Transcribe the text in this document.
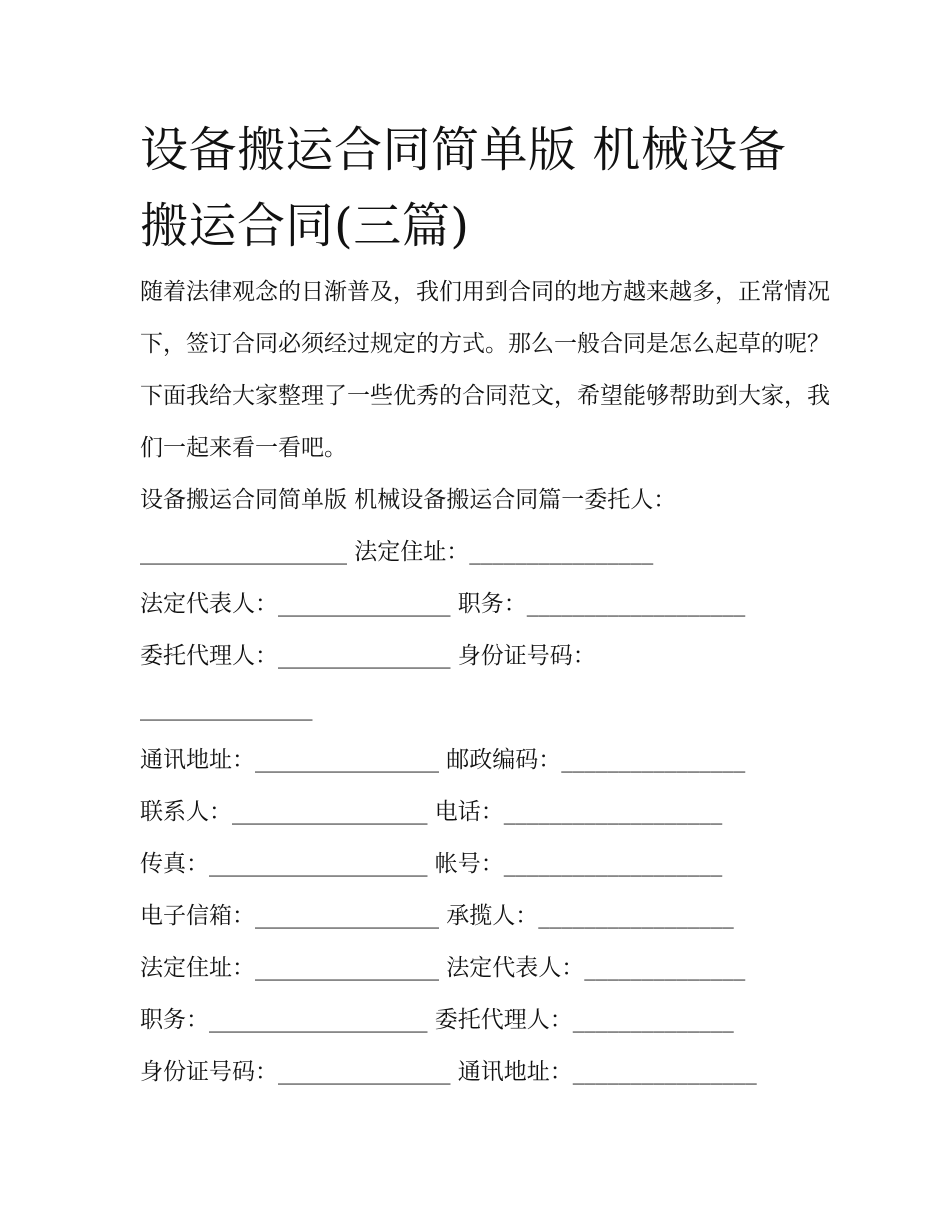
设备搬运合同简单版 机械设备搬运合同(三篇)

随着法律观念的日渐普及，我们用到合同的地方越来越多，正常情况下，签订合同必须经过规定的方式。那么一般合同是怎么起草的呢？下面我给大家整理了一些优秀的合同范文，希望能够帮助到大家，我们一起来看一看吧。

设备搬运合同简单版 机械设备搬运合同篇一委托人：

__________________ 法定住址：________________

法定代表人：_______________ 职务：___________________

委托代理人：_______________ 身份证号码：

_______________

通讯地址：________________ 邮政编码：________________

联系人：_________________ 电话：___________________

传真：___________________ 帐号：___________________

电子信箱：________________ 承揽人：_________________

法定住址：________________ 法定代表人：______________

职务：___________________ 委托代理人：______________

身份证号码：_______________ 通讯地址：________________
